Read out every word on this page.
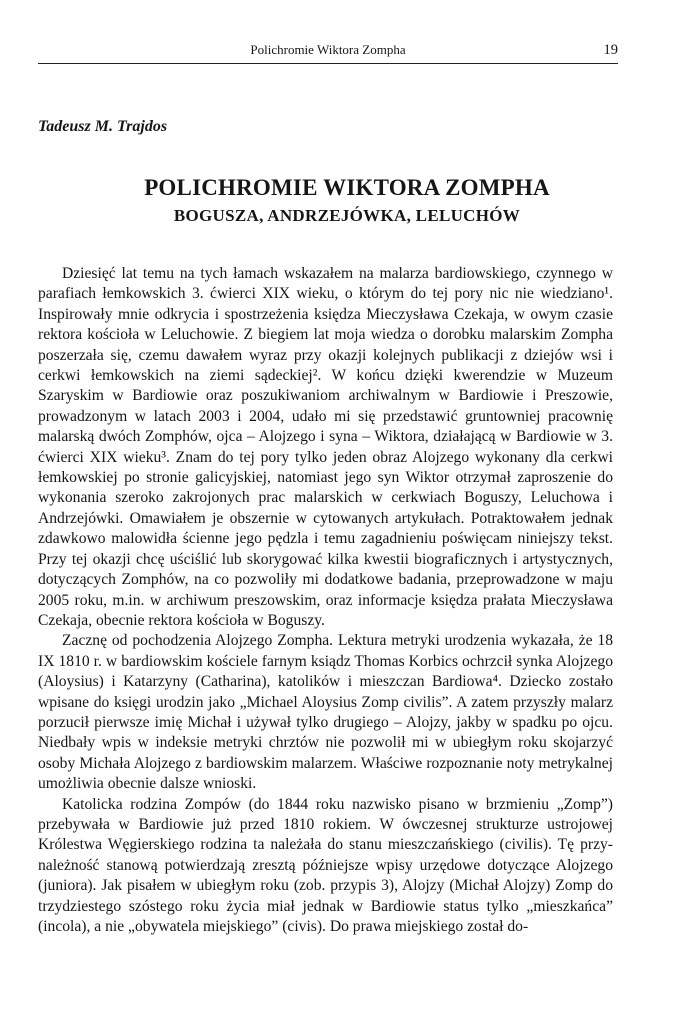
Polichromie Wiktora Zompha	19
Tadeusz M. Trajdos
POLICHROMIE WIKTORA ZOMPHA
BOGUSZA, ANDRZEJÓWKA, LELUCHÓW

Dziesięć lat temu na tych łamach wskazałem na malarza bardiowskiego, czynnego w parafiach łemkowskich 3. ćwierci XIX wieku, o którym do tej pory nic nie wiedziano¹. Inspirowały mnie odkrycia i spostrzeżenia księdza Mieczysława Czekaja, w owym czasie rektora kościoła w Leluchowie. Z biegiem lat moja wiedza o dorobku malarskim Zompha poszerzała się, czemu dawałem wyraz przy okazji kolejnych publikacji z dziejów wsi i cerkwi łemkowskich na ziemi sądeckiej². W końcu dzięki kwerendzie w Muzeum Szaryskim w Bardiowie oraz poszukiwaniom archiwalnym w Bardiowie i Preszowie, prowadzonym w latach 2003 i 2004, udało mi się przedstawić gruntowniej pracownię malarską dwóch Zomphów, ojca – Alojzego i syna – Wiktora, działającą w Bardiowie w 3. ćwierci XIX wieku³. Znam do tej pory tylko jeden obraz Alojzego wykonany dla cerkwi łemkowskiej po stronie galicyjskiej, natomiast jego syn Wiktor otrzymał zaproszenie do wykonania szeroko zakrojonych prac malarskich w cerkwiach Boguszy, Leluchowa i Andrzejówki. Omawiałem je obszernie w cytowanych artykułach. Potraktowałem jednak zdawkowo malowidła ścienne jego pędzla i temu zagadnieniu poświęcam niniejszy tekst. Przy tej okazji chcę uściślić lub skorygować kilka kwestii biograficznych i artystycznych, dotyczących Zomphów, na co pozwoliły mi dodatkowe badania, przeprowadzone w maju 2005 roku, m.in. w archiwum preszowskim, oraz informacje księdza prałata Mieczysława Czekaja, obecnie rektora kościoła w Boguszy.

Zacznę od pochodzenia Alojzego Zompha. Lektura metryki urodzenia wykazała, że 18 IX 1810 r. w bardiowskim kościele farnym ksiądz Thomas Korbics ochrzcił synka Alojzego (Aloysius) i Katarzyny (Catharina), katolików i mieszczan Bardiowa⁴. Dziecko zostało wpisane do księgi urodzin jako „Michael Aloysius Zomp civilis”. A zatem przyszły malarz porzucił pierwsze imię Michał i używał tylko drugiego – Alojzy, jakby w spadku po ojcu. Niedbały wpis w indeksie metryki chrztów nie pozwolił mi w ubiegłym roku skojarzyć osoby Michała Alojzego z bardiowskim malarzem. Właściwe rozpoznanie noty metrykalnej umożliwia obecnie dalsze wnioski.

Katolicka rodzina Zompów (do 1844 roku nazwisko pisano w brzmieniu „Zomp”) przebywała w Bardiowie już przed 1810 rokiem. W ówczesnej strukturze ustrojowej Królestwa Węgierskiego rodzina ta należała do stanu mieszczańskiego (civilis). Tę przynależność stanową potwierdzają zresztą późniejsze wpisy urzędowe dotyczące Alojzego (juniora). Jak pisałem w ubiegłym roku (zob. przypis 3), Alojzy (Michał Alojzy) Zomp do trzydziestego szóstego roku życia miał jednak w Bardiowie status tylko „mieszkańca” (incola), a nie „obywatela miejskiego” (civis). Do prawa miejskiego został do-
